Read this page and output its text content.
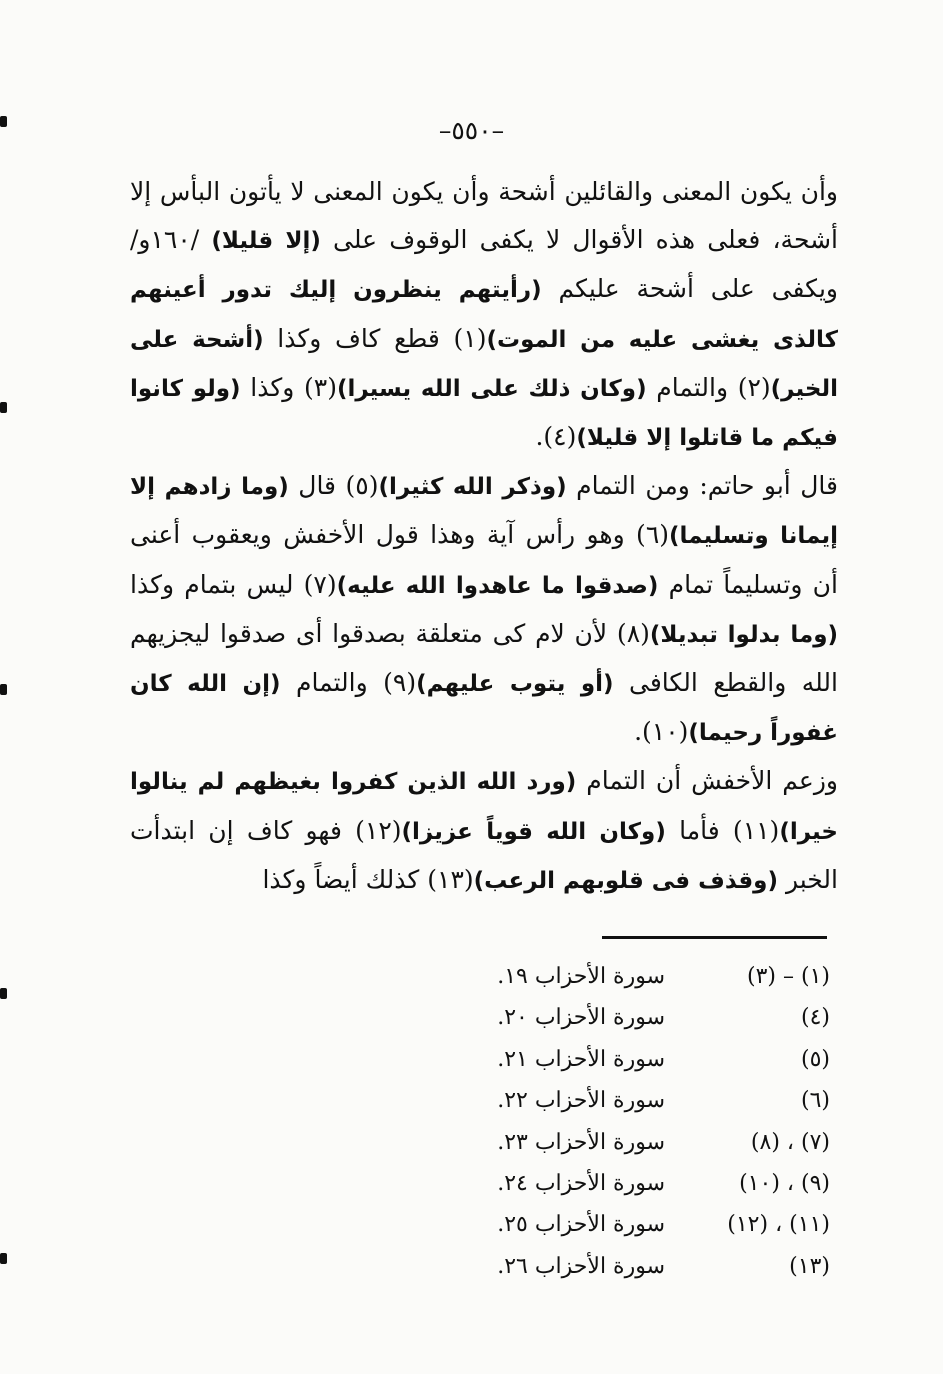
–٥٥٠–

وأن يكون المعنى والقائلين أشحة وأن يكون المعنى لا يأتون البأس إلا أشحة، فعلى هذه الأقوال لا يكفى الوقوف على (إلا قليلا) /١٦٠و/ ويكفى على أشحة عليكم (رأيتهم ينظرون إليك تدور أعينهم كالذى يغشى عليه من الموت)(١) قطع كاف وكذا (أشحة على الخير)(٢) والتمام (وكان ذلك على الله يسيرا)(٣) وكذا (ولو كانوا فيكم ما قاتلوا إلا قليلا)(٤).

قال أبو حاتم: ومن التمام (وذكر الله كثيرا)(٥) قال (وما زادهم إلا إيمانا وتسليما)(٦) وهو رأس آية وهذا قول الأخفش ويعقوب أعنى أن وتسليماً تمام (صدقوا ما عاهدوا الله عليه)(٧) ليس بتمام وكذا (وما بدلوا تبديلا)(٨) لأن لام كى متعلقة بصدقوا أى صدقوا ليجزيهم الله والقطع الكافى (أو يتوب عليهم)(٩) والتمام (إن الله كان غفوراً رحيما)(١٠).

وزعم الأخفش أن التمام (ورد الله الذين كفروا بغيظهم لم ينالوا خيرا)(١١) فأما (وكان الله قوياً عزيزا)(١٢) فهو كاف إن ابتدأت الخبر (وقذف فى قلوبهم الرعب)(١٣) كذلك أيضاً وكذا

(١) – (٣)
سورة الأحزاب ١٩.
(٤)
سورة الأحزاب ٢٠.
(٥)
سورة الأحزاب ٢١.
(٦)
سورة الأحزاب ٢٢.
(٧) ، (٨)
سورة الأحزاب ٢٣.
(٩) ، (١٠)
سورة الأحزاب ٢٤.
(١١) ، (١٢)
سورة الأحزاب ٢٥.
(١٣)
سورة الأحزاب ٢٦.
